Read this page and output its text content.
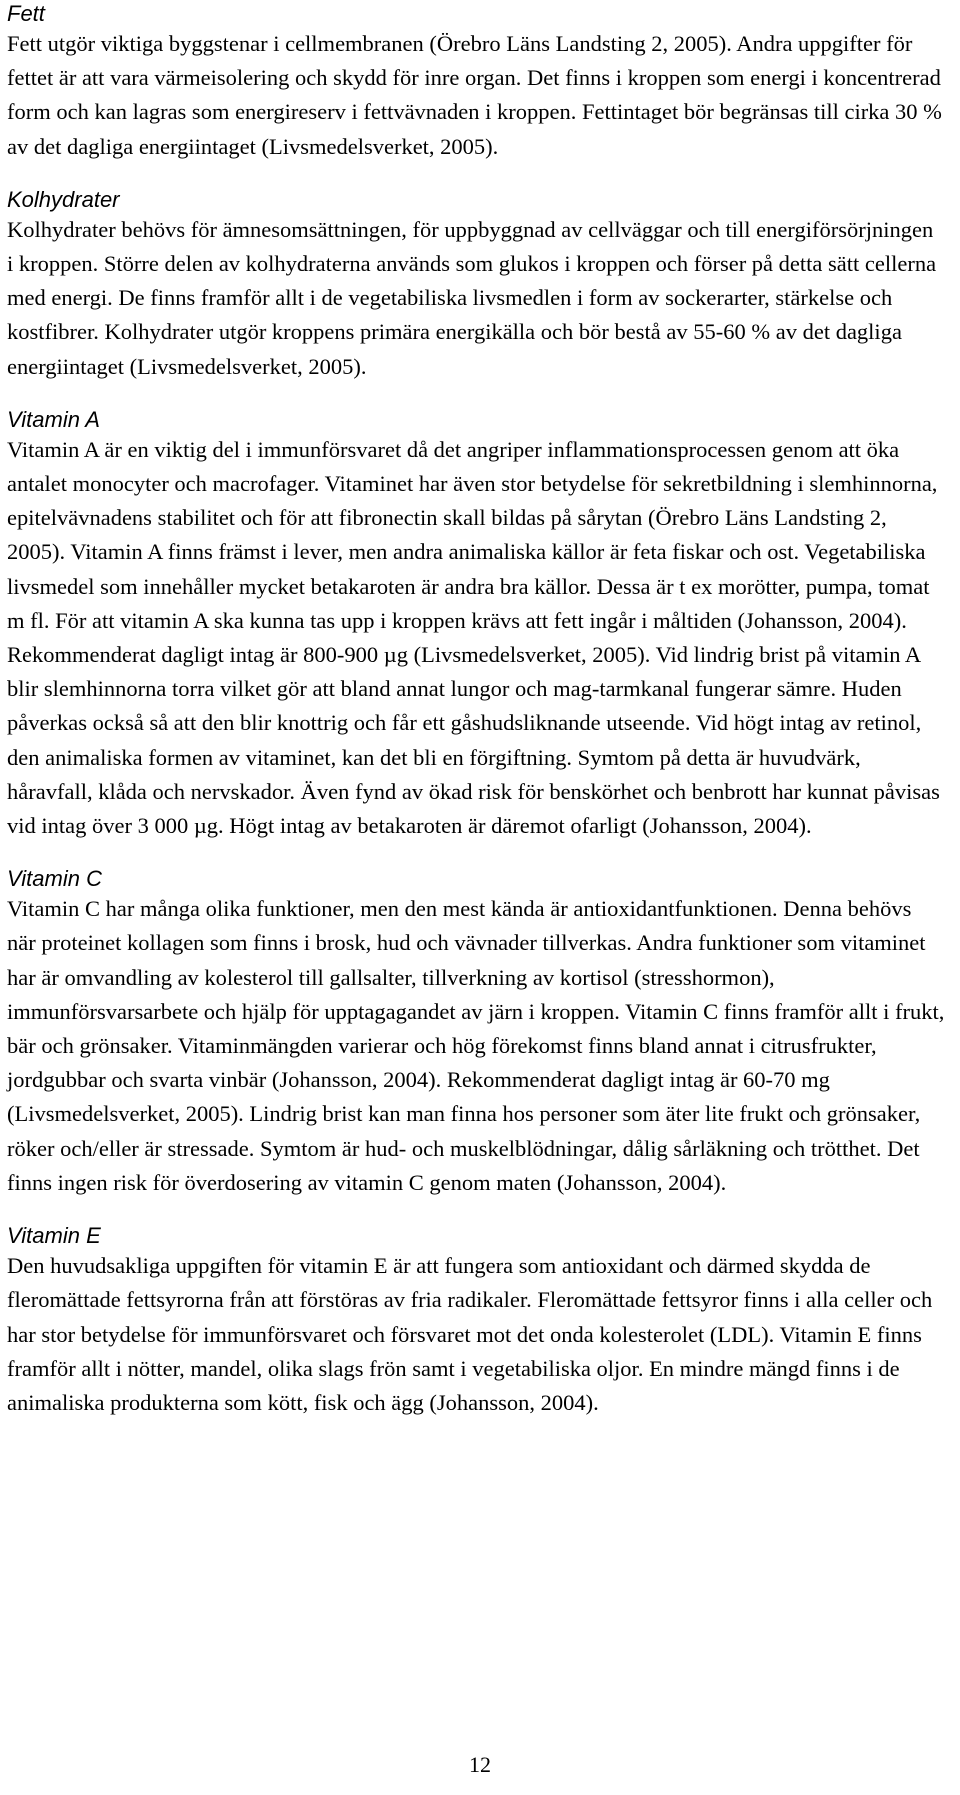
Fett

Fett utgör viktiga byggstenar i cellmembranen (Örebro Läns Landsting 2, 2005). Andra uppgifter för fettet är att vara värmeisolering och skydd för inre organ. Det finns i kroppen som energi i koncentrerad form och kan lagras som energireserv i fettvävnaden i kroppen. Fettintaget bör begränsas till cirka 30 % av det dagliga energiintaget (Livsmedelsverket, 2005).

Kolhydrater

Kolhydrater behövs för ämnesomsättningen, för uppbyggnad av cellväggar och till energiförsörjningen i kroppen. Större delen av kolhydraterna används som glukos i kroppen och förser på detta sätt cellerna med energi. De finns framför allt i de vegetabiliska livsmedlen i form av sockerarter, stärkelse och kostfibrer. Kolhydrater utgör kroppens primära energikälla och bör bestå av 55-60 % av det dagliga energiintaget (Livsmedelsverket, 2005).

Vitamin A

Vitamin A är en viktig del i immunförsvaret då det angriper inflammationsprocessen genom att öka antalet monocyter och macrofager. Vitaminet har även stor betydelse för sekretbildning i slemhinnorna, epitelvävnadens stabilitet och för att fibronectin skall bildas på sårytan (Örebro Läns Landsting 2, 2005). Vitamin A finns främst i lever, men andra animaliska källor är feta fiskar och ost. Vegetabiliska livsmedel som innehåller mycket betakaroten är andra bra källor. Dessa är t ex morötter, pumpa, tomat m fl. För att vitamin A ska kunna tas upp i kroppen krävs att fett ingår i måltiden (Johansson, 2004). Rekommenderat dagligt intag är 800-900 µg (Livsmedelsverket, 2005). Vid lindrig brist på vitamin A blir slemhinnorna torra vilket gör att bland annat lungor och mag-tarmkanal fungerar sämre. Huden påverkas också så att den blir knottrig och får ett gåshudsliknande utseende. Vid högt intag av retinol, den animaliska formen av vitaminet, kan det bli en förgiftning. Symtom på detta är huvudvärk, håravfall, klåda och nervskador. Även fynd av ökad risk för benskörhet och benbrott har kunnat påvisas vid intag över 3 000 µg. Högt intag av betakaroten är däremot ofarligt (Johansson, 2004).

Vitamin C

Vitamin C har många olika funktioner, men den mest kända är antioxidantfunktionen. Denna behövs när proteinet kollagen som finns i brosk, hud och vävnader tillverkas. Andra funktioner som vitaminet har är omvandling av kolesterol till gallsalter, tillverkning av kortisol (stresshormon), immunförsvarsarbete och hjälp för upptagagandet av järn i kroppen. Vitamin C finns framför allt i frukt, bär och grönsaker. Vitaminmängden varierar och hög förekomst finns bland annat i citrusfrukter, jordgubbar och svarta vinbär (Johansson, 2004). Rekommenderat dagligt intag är 60-70 mg (Livsmedelsverket, 2005). Lindrig brist kan man finna hos personer som äter lite frukt och grönsaker, röker och/eller är stressade. Symtom är hud- och muskelblödningar, dålig sårläkning och trötthet. Det finns ingen risk för överdosering av vitamin C genom maten (Johansson, 2004).

Vitamin E

Den huvudsakliga uppgiften för vitamin E är att fungera som antioxidant och därmed skydda de fleromättade fettsyrorna från att förstöras av fria radikaler. Fleromättade fettsyror finns i alla celler och har stor betydelse för immunförsvaret och försvaret mot det onda kolesterolet (LDL). Vitamin E finns framför allt i nötter, mandel, olika slags frön samt i vegetabiliska oljor. En mindre mängd finns i de animaliska produkterna som kött, fisk och ägg (Johansson, 2004).

12
